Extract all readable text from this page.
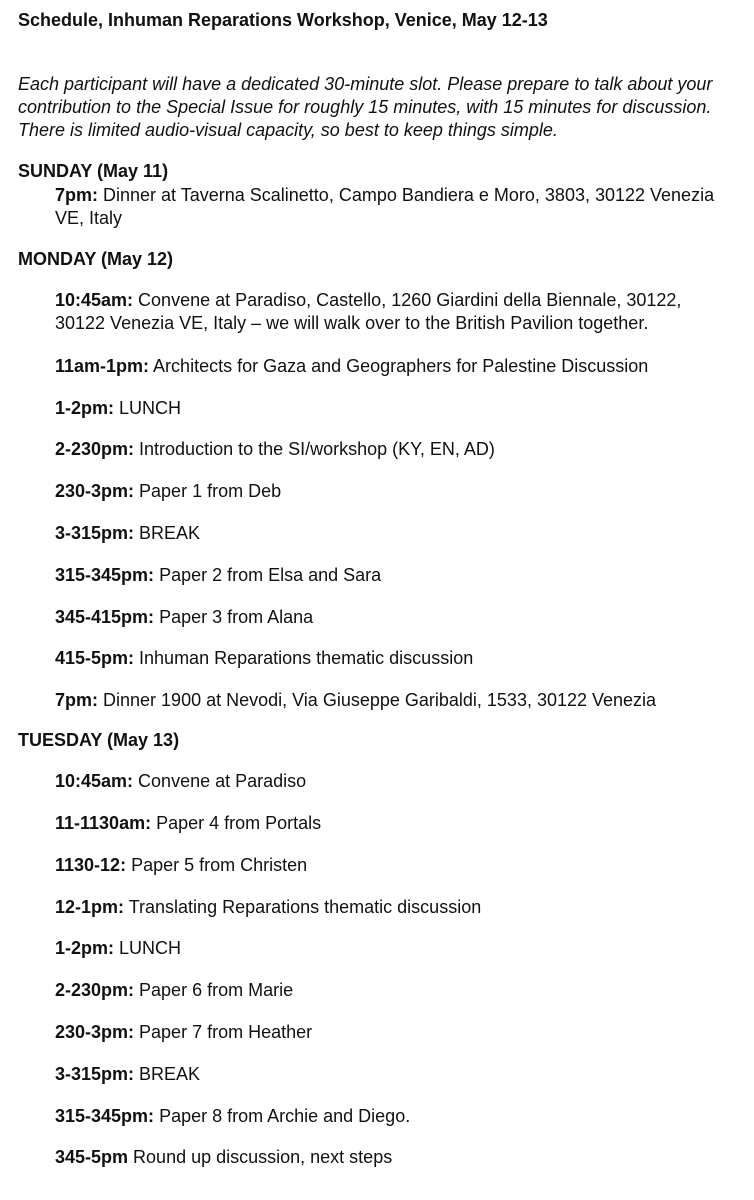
Schedule, Inhuman Reparations Workshop, Venice, May 12-13

Each participant will have a dedicated 30-minute slot. Please prepare to talk about your contribution to the Special Issue for roughly 15 minutes, with 15 minutes for discussion. There is limited audio-visual capacity, so best to keep things simple.

SUNDAY (May 11)

7pm: Dinner at Taverna Scalinetto, Campo Bandiera e Moro, 3803, 30122 Venezia VE, Italy

MONDAY (May 12)

10:45am: Convene at Paradiso, Castello, 1260 Giardini della Biennale, 30122, 30122 Venezia VE, Italy – we will walk over to the British Pavilion together.
11am-1pm: Architects for Gaza and Geographers for Palestine Discussion
1-2pm: LUNCH
2-230pm: Introduction to the SI/workshop (KY, EN, AD)
230-3pm: Paper 1 from Deb
3-315pm: BREAK
315-345pm: Paper 2 from Elsa and Sara
345-415pm: Paper 3 from Alana
415-5pm: Inhuman Reparations thematic discussion
7pm: Dinner 1900 at Nevodi, Via Giuseppe Garibaldi, 1533, 30122 Venezia

TUESDAY (May 13)

10:45am: Convene at Paradiso
11-1130am: Paper 4 from Portals
1130-12: Paper 5 from Christen
12-1pm: Translating Reparations thematic discussion
1-2pm: LUNCH
2-230pm: Paper 6 from Marie
230-3pm: Paper 7 from Heather
3-315pm: BREAK
315-345pm: Paper 8 from Archie and Diego.
345-5pm Round up discussion, next steps
